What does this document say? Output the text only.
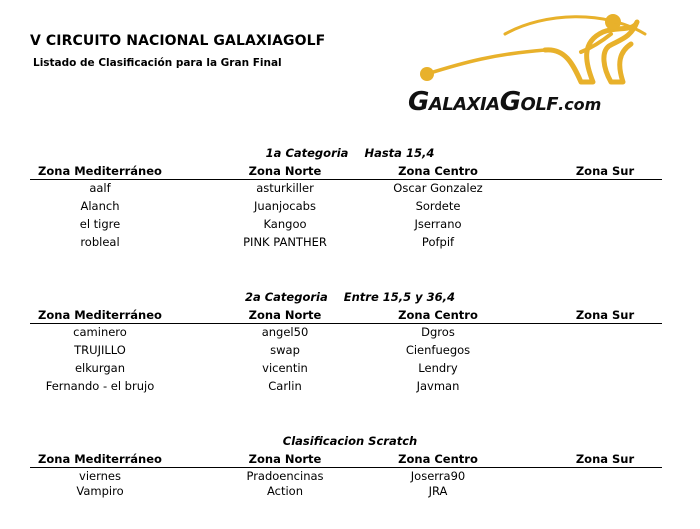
V CIRCUITO NACIONAL GALAXIAGOLF
Listado de Clasificación para la Gran Final
GALAXIAGOLF.com
1a Categoria    Hasta 15,4
Zona Mediterráneo	Zona Norte	Zona Centro	Zona Sur
aalf	asturkiller	Oscar Gonzalez
Alanch	Juanjocabs	Sordete
el tigre	Kangoo	Jserrano
robleal	PINK PANTHER	Pofpif
2a Categoria    Entre 15,5 y 36,4
Zona Mediterráneo	Zona Norte	Zona Centro	Zona Sur
caminero	angel50	Dgros
TRUJILLO	swap	Cienfuegos
elkurgan	vicentin	Lendry
Fernando - el brujo	Carlin	Javman
Clasificacion Scratch
Zona Mediterráneo	Zona Norte	Zona Centro	Zona Sur
viernes	Pradoencinas	Joserra90
Vampiro	Action	JRA
